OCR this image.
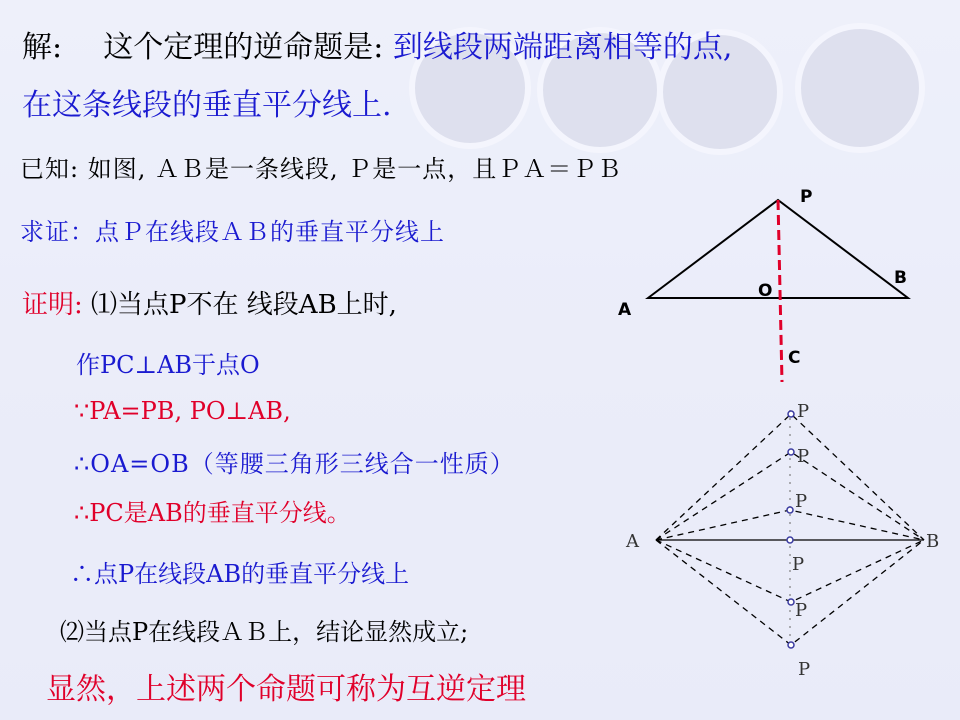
解: 这个定理的逆命题是: 到线段两端距离相等的点,
在这条线段的垂直平分线上.
已知: 如图, ＡＢ是一条线段, Ｐ是一点，且ＰＡ＝ＰＢ
求证：点Ｐ在线段ＡＢ的垂直平分线上
证明: ⑴当点P不在 线段AB上时,
作PC⊥AB于点O
∵PA=PB, PO⊥AB,
∴OA=OB（等腰三角形三线合一性质）
∴PC是AB的垂直平分线。
∴点P在线段AB的垂直平分线上
⑵当点P在线段ＡＢ上，结论显然成立;
显然，上述两个命题可称为互逆定理
P
A
B
O
C
A	B
P
P
P
P
P
P
